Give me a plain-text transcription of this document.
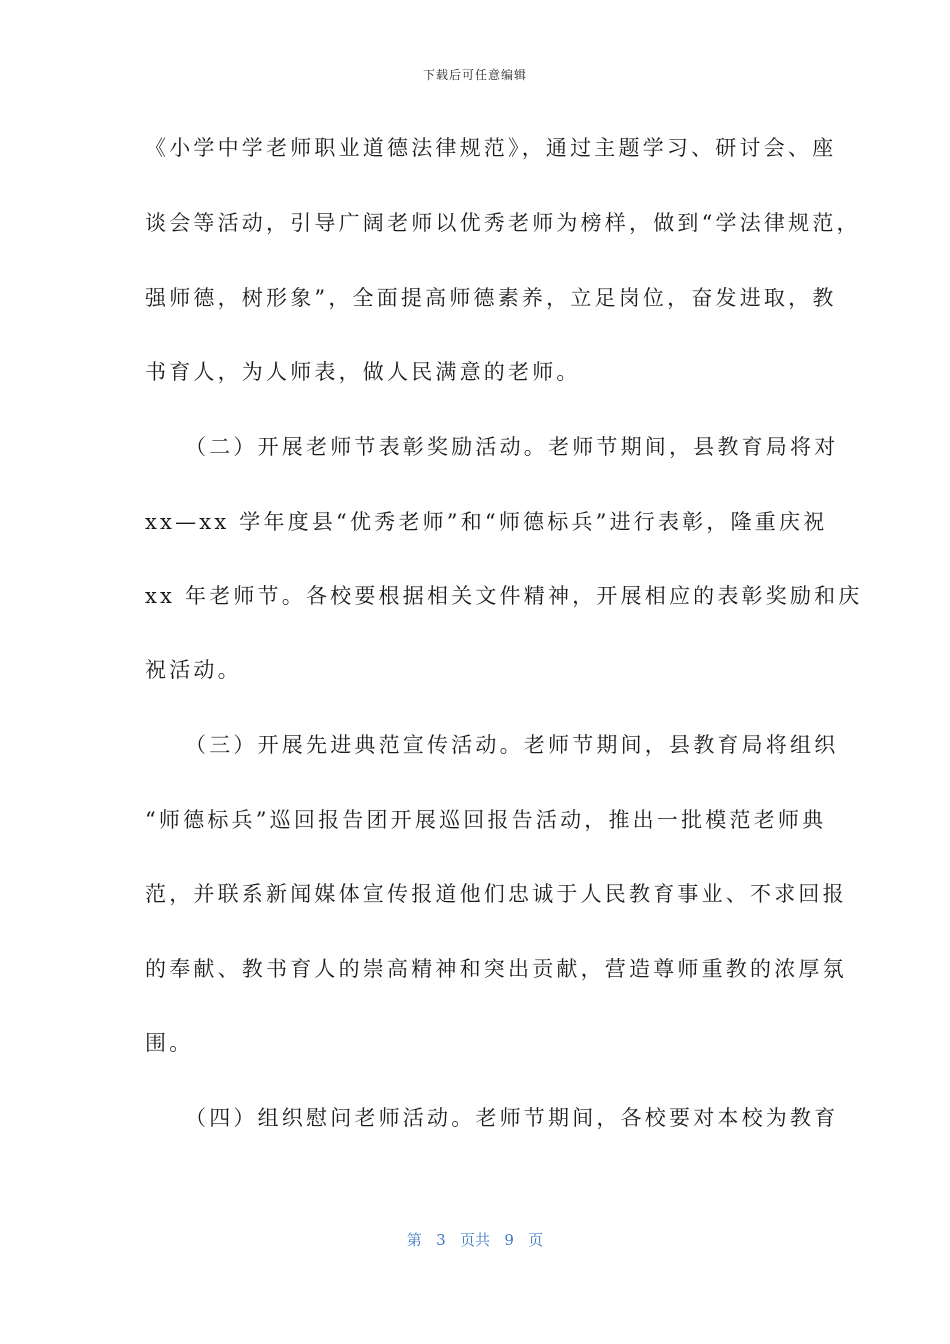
下载后可任意编辑
《小学中学老师职业道德法律规范》，通过主题学习、研讨会、座
谈会等活动，引导广阔老师以优秀老师为榜样，做到“学法律规范，
强师德，树形象”，全面提高师德素养，立足岗位，奋发进取，教
书育人，为人师表，做人民满意的老师。
（二）开展老师节表彰奖励活动。老师节期间，县教育局将对
xx—xx 学年度县“优秀老师”和“师德标兵”进行表彰，隆重庆祝
xx 年老师节。各校要根据相关文件精神，开展相应的表彰奖励和庆
祝活动。
（三）开展先进典范宣传活动。老师节期间，县教育局将组织
“师德标兵”巡回报告团开展巡回报告活动，推出一批模范老师典
范，并联系新闻媒体宣传报道他们忠诚于人民教育事业、不求回报
的奉献、教书育人的崇高精神和突出贡献，营造尊师重教的浓厚氛
围。
（四）组织慰问老师活动。老师节期间，各校要对本校为教育
第 3 页共 9 页
